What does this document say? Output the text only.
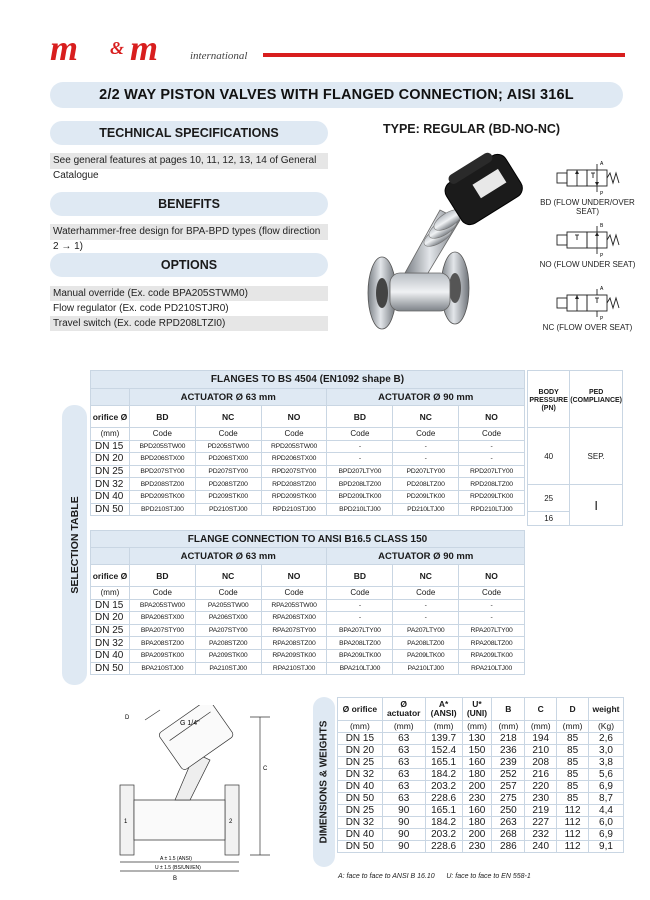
m & m	international
2/2 WAY PISTON VALVES WITH FLANGED CONNECTION; AISI 316L
TECHNICAL SPECIFICATIONS
See general features at pages 10, 11, 12, 13, 14 of General Catalogue
BENEFITS
Waterhammer-free design for BPA-BPD types (flow direction 2 → 1)
OPTIONS
Manual override (Ex. code BPA205STWM0)
Flow regulator (Ex. code PD210STJR0)
Travel switch (Ex. code RPD208LTZI0)
TYPE: REGULAR (BD-NO-NC)
A
P
BD (FLOW UNDER/OVER SEAT)
B
P
NO (FLOW UNDER SEAT)
A
P
NC (FLOW OVER SEAT)
SELECTION TABLE
FLANGES TO BS 4504 (EN1092 shape B)						
	ACTUATOR Ø 63 mm			ACTUATOR Ø 90 mm		
orifice Ø	BD	NC	NO	BD	NC	NO
(mm)	Code	Code	Code	Code	Code	Code
DN 15	BPD205STW00	PD205STW00	RPD205STW00	-	-	-
DN 20	BPD206STX00	PD206STX00	RPD206STX00	-	-	-
DN 25	BPD207STY00	PD207STY00	RPD207STY00	BPD207LTY00	PD207LTY00	RPD207LTY00
DN 32	BPD208STZ00	PD208STZ00	RPD208STZ00	BPD208LTZ00	PD208LTZ00	RPD208LTZ00
DN 40	BPD209STK00	PD209STK00	RPD209STK00	BPD209LTK00	PD209LTK00	RPD209LTK00
DN 50	BPD210STJ00	PD210STJ00	RPD210STJ00	BPD210LTJ00	PD210LTJ00	RPD210LTJ00
BODY PRESSURE (PN)	PED (COMPLIANCE)
40	SEP.
25	I
16	
FLANGE CONNECTION TO ANSI B16.5 CLASS 150						
	ACTUATOR Ø 63 mm			ACTUATOR Ø 90 mm		
orifice Ø	BD	NC	NO	BD	NC	NO
(mm)	Code	Code	Code	Code	Code	Code
DN 15	BPA205STW00	PA205STW00	RPA205STW00	-	-	-
DN 20	BPA206STX00	PA206STX00	RPA206STX00	-	-	-
DN 25	BPA207STY00	PA207STY00	RPA207STY00	BPA207LTY00	PA207LTY00	RPA207LTY00
DN 32	BPA208STZ00	PA208STZ00	RPA208STZ00	BPA208LTZ00	PA208LTZ00	RPA208LTZ00
DN 40	BPA209STK00	PA209STK00	RPA209STK00	BPA209LTK00	PA209LTK00	RPA209LTK00
DN 50	BPA210STJ00	PA210STJ00	RPA210STJ00	BPA210LTJ00	PA210LTJ00	RPA210LTJ00
G 1/4"
D
C
B
A ± 1.5 (ANSI)
U ± 1.5 (BS/UNI/EN)
1	2	DIMENSIONS & WEIGHTS
Ø orifice	Ø actuator	A* (ANSI)	U* (UNI)	B	C	D	weight
(mm)	(mm)	(mm)	(mm)	(mm)	(mm)	(mm)	(Kg)
DN 15	63	139.7	130	218	194	85	2,6
DN 20	63	152.4	150	236	210	85	3,0
DN 25	63	165.1	160	239	208	85	3,8
DN 32	63	184.2	180	252	216	85	5,6
DN 40	63	203.2	200	257	220	85	6,9
DN 50	63	228.6	230	275	230	85	8,7
DN 25	90	165.1	160	250	219	112	4,4
DN 32	90	184.2	180	263	227	112	6,0
DN 40	90	203.2	200	268	232	112	6,9
DN 50	90	228.6	230	286	240	112	9,1
A: face to face to ANSI B 16.10 U: face to face to EN 558-1
